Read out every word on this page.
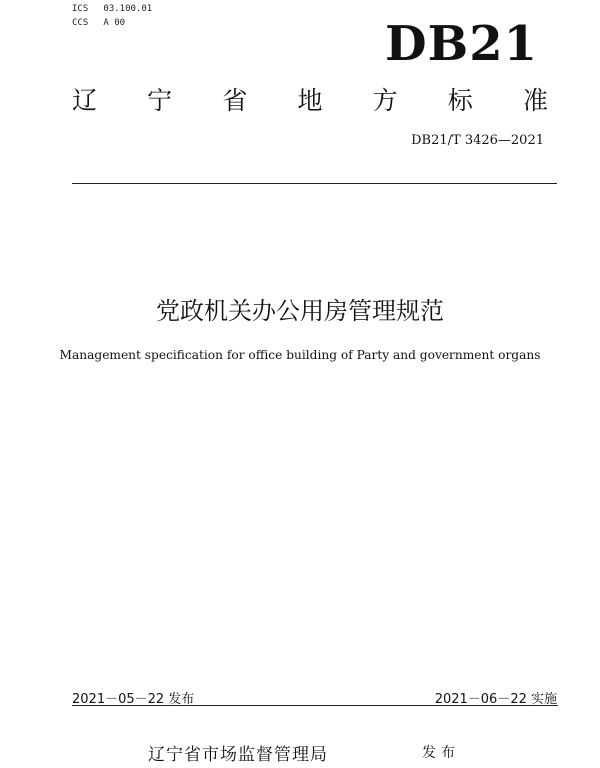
ICS 03.100.01
CCS A 00	DB21
辽 宁 省 地 方 标 准
DB21/T 3426—2021
党政机关办公用房管理规范
Management specification for office building of Party and government organs
2021－05－22 发布	2021－06－22 实施
辽宁省市场监督管理局	发布
